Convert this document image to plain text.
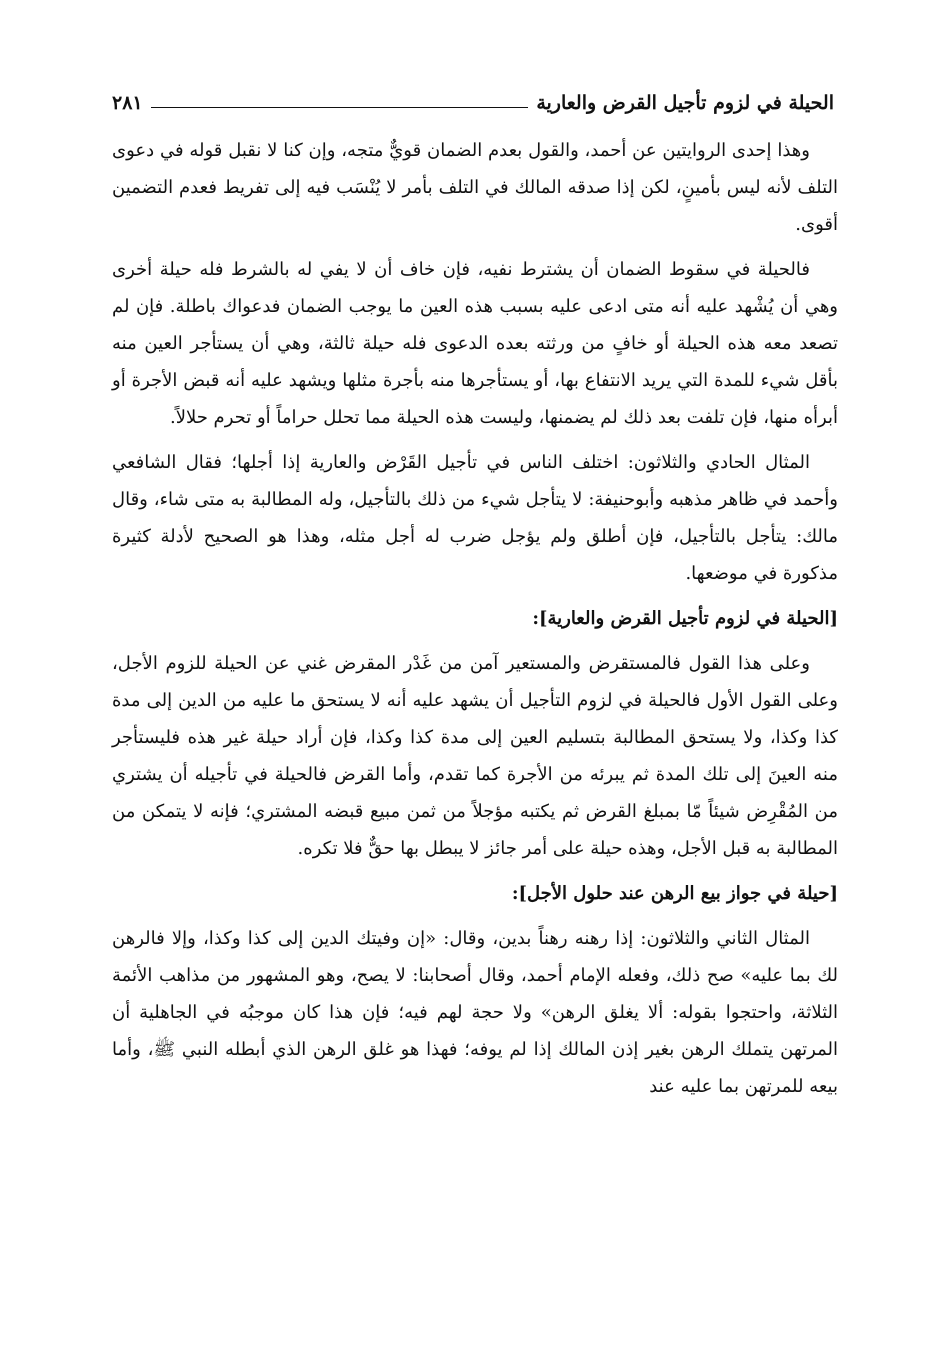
الحيلة في لزوم تأجيل القرض والعارية
٢٨١

وهذا إحدى الروايتين عن أحمد، والقول بعدم الضمان قويٌّ متجه، وإن كنا لا نقبل قوله في دعوى التلف لأنه ليس بأمينٍ، لكن إذا صدقه المالك في التلف بأمر لا يُنْسَب فيه إلى تفريط فعدم التضمين أقوى.

فالحيلة في سقوط الضمان أن يشترط نفيه، فإن خاف أن لا يفي له بالشرط فله حيلة أخرى وهي أن يُشْهد عليه أنه متى ادعى عليه بسبب هذه العين ما يوجب الضمان فدعواك باطلة. فإن لم تصعد معه هذه الحيلة أو خافٍ من ورثته بعده الدعوى فله حيلة ثالثة، وهي أن يستأجر العين منه بأقل شيء للمدة التي يريد الانتفاع بها، أو يستأجرها منه بأجرة مثلها ويشهد عليه أنه قبض الأجرة أو أبرأه منها، فإن تلفت بعد ذلك لم يضمنها، وليست هذه الحيلة مما تحلل حراماً أو تحرم حلالاً.

المثال الحادي والثلاثون: اختلف الناس في تأجيل القَرْض والعارية إذا أجلها؛ فقال الشافعي وأحمد في ظاهر مذهبه وأبوحنيفة: لا يتأجل شيء من ذلك بالتأجيل، وله المطالبة به متى شاء، وقال مالك: يتأجل بالتأجيل، فإن أطلق ولم يؤجل ضرب له أجل مثله، وهذا هو الصحيح لأدلة كثيرة مذكورة في موضعها.

[الحيلة في لزوم تأجيل القرض والعارية]:

وعلى هذا القول فالمستقرض والمستعير آمن من غَدْر المقرض غني عن الحيلة للزوم الأجل، وعلى القول الأول فالحيلة في لزوم التأجيل أن يشهد عليه أنه لا يستحق ما عليه من الدين إلى مدة كذا وكذا، ولا يستحق المطالبة بتسليم العين إلى مدة كذا وكذا، فإن أراد حيلة غير هذه فليستأجر منه العينَ إلى تلك المدة ثم يبرئه من الأجرة كما تقدم، وأما القرض فالحيلة في تأجيله أن يشتري من المُقْرِض شيئاً مّا بمبلغ القرض ثم يكتبه مؤجلاً من ثمن مبيع قبضه المشتري؛ فإنه لا يتمكن من المطالبة به قبل الأجل، وهذه حيلة على أمر جائز لا يبطل بها حقٌّ فلا تكره.

[حيلة في جواز بيع الرهن عند حلول الأجل]:

المثال الثاني والثلاثون: إذا رهنه رهناً بدين، وقال: «إن وفيتك الدين إلى كذا وكذا، وإلا فالرهن لك بما عليه» صح ذلك، وفعله الإمام أحمد، وقال أصحابنا: لا يصح، وهو المشهور من مذاهب الأئمة الثلاثة، واحتجوا بقوله: ألا يغلق الرهن» ولا حجة لهم فيه؛ فإن هذا كان موجبُه في الجاهلية أن المرتهن يتملك الرهن بغير إذن المالك إذا لم يوفه؛ فهذا هو غلق الرهن الذي أبطله النبي ﷺ، وأما بيعه للمرتهن بما عليه عند
